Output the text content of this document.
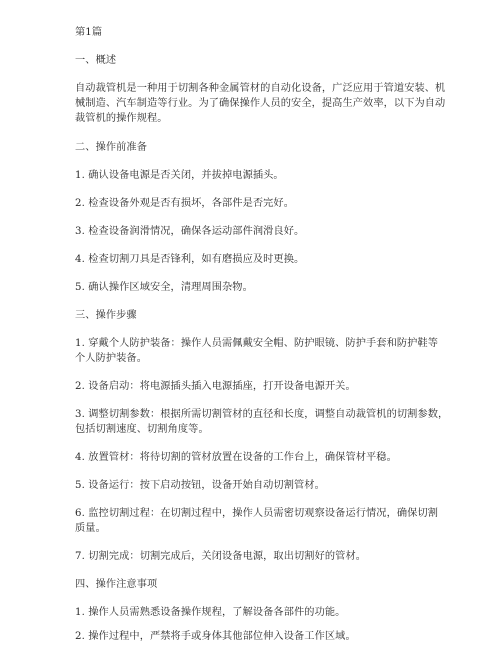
第1篇
一、概述
自动裁管机是一种用于切割各种金属管材的自动化设备，广泛应用于管道安装、机
械制造、汽车制造等行业。为了确保操作人员的安全，提高生产效率，以下为自动
裁管机的操作规程。
二、操作前准备
1. 确认设备电源是否关闭，并拔掉电源插头。
2. 检查设备外观是否有损坏，各部件是否完好。
3. 检查设备润滑情况，确保各运动部件润滑良好。
4. 检查切割刀具是否锋利，如有磨损应及时更换。
5. 确认操作区域安全，清理周围杂物。
三、操作步骤
1. 穿戴个人防护装备：操作人员需佩戴安全帽、防护眼镜、防护手套和防护鞋等
个人防护装备。
2. 设备启动：将电源插头插入电源插座，打开设备电源开关。
3. 调整切割参数：根据所需切割管材的直径和长度，调整自动裁管机的切割参数，
包括切割速度、切割角度等。
4. 放置管材：将待切割的管材放置在设备的工作台上，确保管材平稳。
5. 设备运行：按下启动按钮，设备开始自动切割管材。
6. 监控切割过程：在切割过程中，操作人员需密切观察设备运行情况，确保切割
质量。
7. 切割完成：切割完成后，关闭设备电源，取出切割好的管材。
四、操作注意事项
1. 操作人员需熟悉设备操作规程，了解设备各部件的功能。
2. 操作过程中，严禁将手或身体其他部位伸入设备工作区域。
